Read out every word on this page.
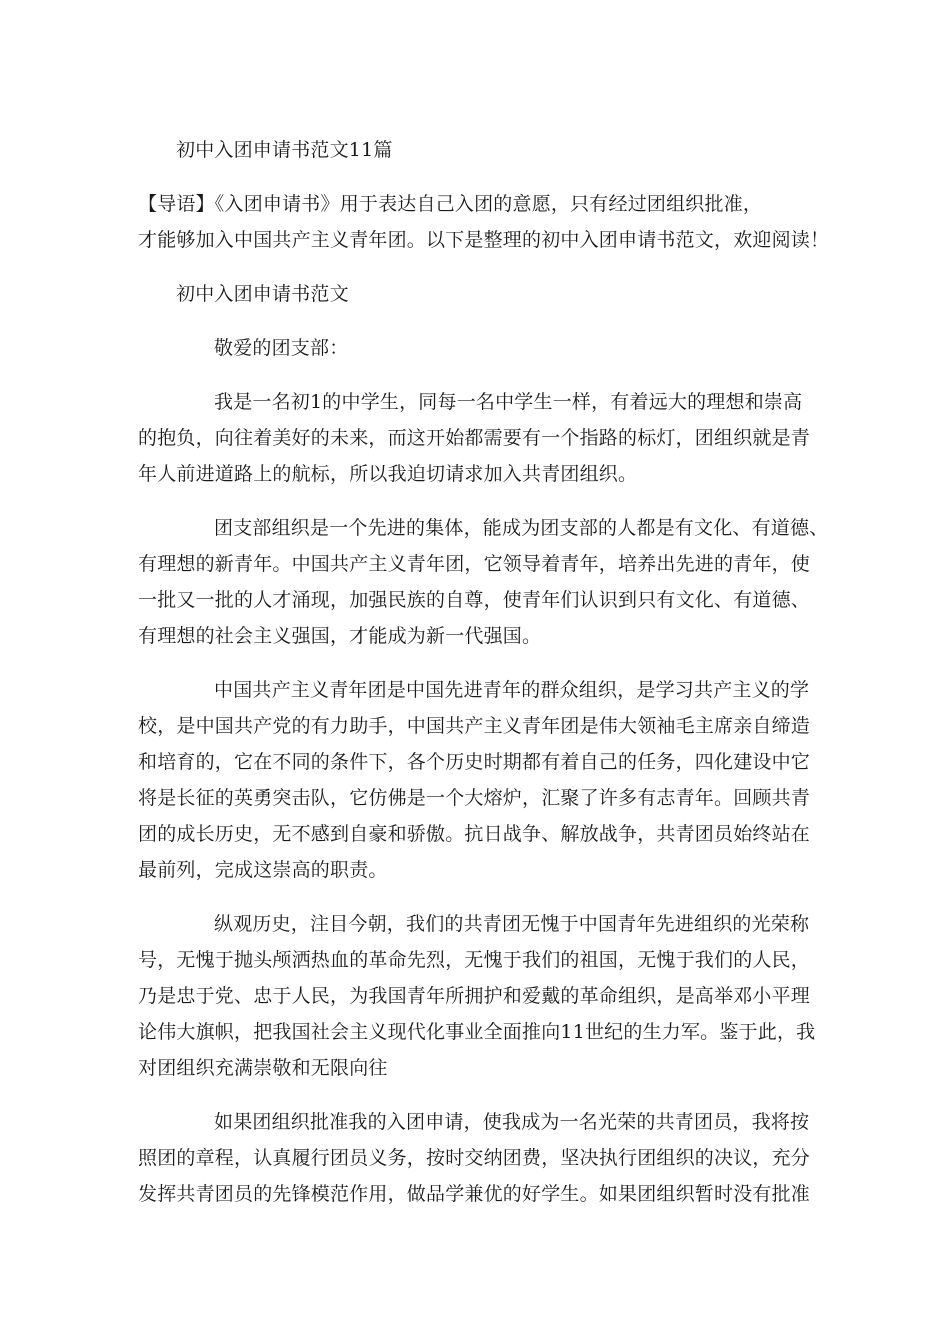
初中入团申请书范文11篇
【导语】《入团申请书》用于表达自己入团的意愿，只有经过团组织批准，
才能够加入中国共产主义青年团。以下是整理的初中入团申请书范文，欢迎阅读！
初中入团申请书范文
敬爱的团支部：
我是一名初1的中学生，同每一名中学生一样，有着远大的理想和崇高
的抱负，向往着美好的未来，而这开始都需要有一个指路的标灯，团组织就是青
年人前进道路上的航标，所以我迫切请求加入共青团组织。
团支部组织是一个先进的集体，能成为团支部的人都是有文化、有道德、
有理想的新青年。中国共产主义青年团，它领导着青年，培养出先进的青年，使
一批又一批的人才涌现，加强民族的自尊，使青年们认识到只有文化、有道德、
有理想的社会主义强国，才能成为新一代强国。
中国共产主义青年团是中国先进青年的群众组织，是学习共产主义的学
校，是中国共产党的有力助手，中国共产主义青年团是伟大领袖毛主席亲自缔造
和培育的，它在不同的条件下，各个历史时期都有着自己的任务，四化建设中它
将是长征的英勇突击队，它仿佛是一个大熔炉，汇聚了许多有志青年。回顾共青
团的成长历史，无不感到自豪和骄傲。抗日战争、解放战争，共青团员始终站在
最前列，完成这崇高的职责。
纵观历史，注目今朝，我们的共青团无愧于中国青年先进组织的光荣称
号，无愧于抛头颅洒热血的革命先烈，无愧于我们的祖国，无愧于我们的人民，
乃是忠于党、忠于人民，为我国青年所拥护和爱戴的革命组织，是高举邓小平理
论伟大旗帜，把我国社会主义现代化事业全面推向11世纪的生力军。鉴于此，我
对团组织充满崇敬和无限向往
如果团组织批准我的入团申请，使我成为一名光荣的共青团员，我将按
照团的章程，认真履行团员义务，按时交纳团费，坚决执行团组织的决议，充分
发挥共青团员的先锋模范作用，做品学兼优的好学生。如果团组织暂时没有批准
